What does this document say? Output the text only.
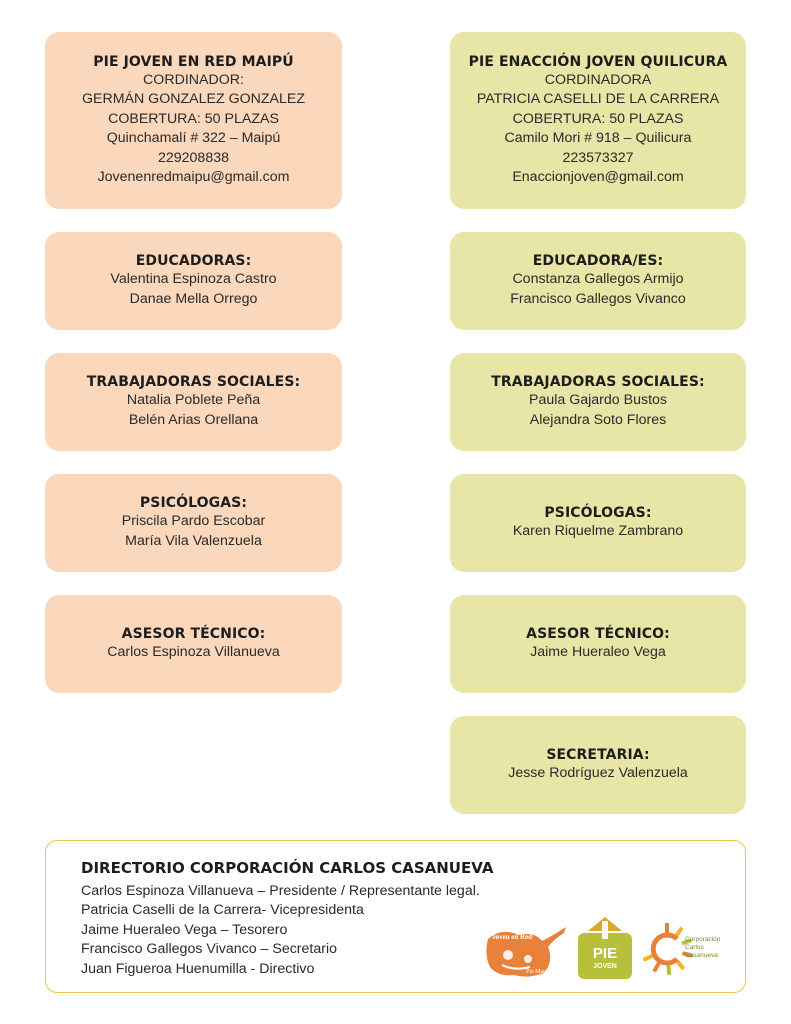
PIE JOVEN EN RED MAIPÚ
CORDINADOR:
GERMÁN GONZALEZ GONZALEZ
COBERTURA: 50 PLAZAS
Quinchamalí # 322 – Maipú
229208838
Jovenenredmaipu@gmail.com
EDUCADORAS:
Valentina Espinoza Castro
Danae Mella Orrego
TRABAJADORAS SOCIALES:
Natalia Poblete Peña
Belén Arias Orellana
PSICÓLOGAS:
Priscila Pardo Escobar
María Vila Valenzuela
ASESOR TÉCNICO:
Carlos Espinoza Villanueva
PIE ENACCIÓN JOVEN QUILICURA
CORDINADORA
PATRICIA CASELLI DE LA CARRERA
COBERTURA: 50 PLAZAS
Camilo Mori # 918 – Quilicura
223573327
Enaccionjoven@gmail.com
EDUCADORA/ES:
Constanza Gallegos Armijo
Francisco Gallegos Vivanco
TRABAJADORAS SOCIALES:
Paula Gajardo Bustos
Alejandra Soto Flores
PSICÓLOGAS:
Karen Riquelme Zambrano
ASESOR TÉCNICO:
Jaime Hueraleo Vega
SECRETARIA:
Jesse Rodríguez Valenzuela
DIRECTORIO CORPORACIÓN CARLOS CASANUEVA
Carlos Espinoza Villanueva – Presidente / Representante legal.
Patricia Caselli de la Carrera- Vicepresidenta
Jaime Hueraleo Vega – Tesorero
Francisco Gallegos Vivanco – Secretario
Juan Figueroa Huenumilla - Directivo
Joven en Red
Pie Maipú
PIE
JOVEN
Corporación
Carlos
Casanueva
